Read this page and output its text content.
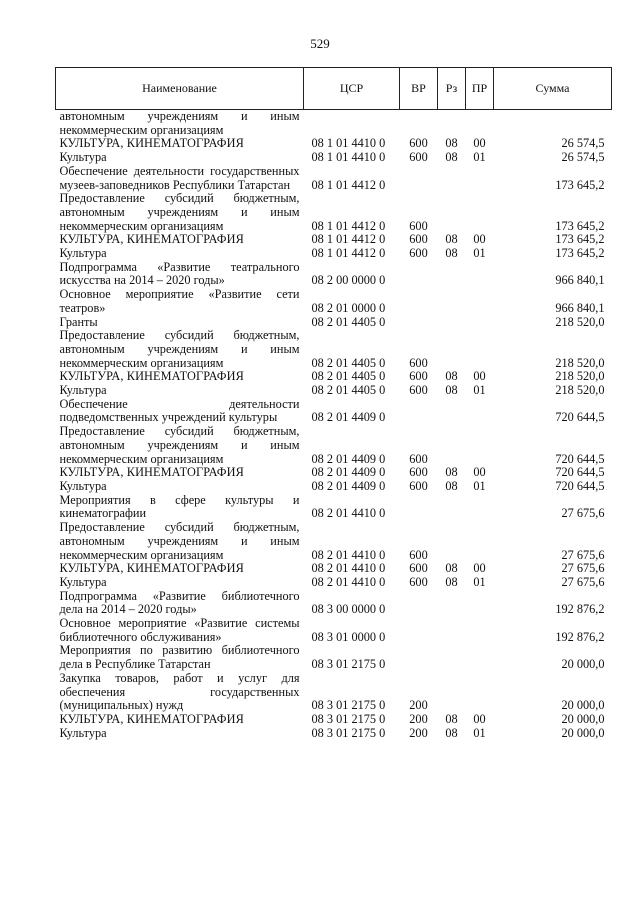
529
Наименование	ЦСР	ВР	Рз	ПР	Сумма
автономным учреждениям и иным некоммерческим организациям					
КУЛЬТУРА, КИНЕМАТОГРАФИЯ	08 1 01 4410 0	600	08	00	26 574,5
Культура	08 1 01 4410 0	600	08	01	26 574,5
Обеспечение деятельности государственных музеев-заповедников Республики Татарстан	08 1 01 4412 0				173 645,2
Предоставление субсидий бюджетным, автономным учреждениям и иным некоммерческим организациям	08 1 01 4412 0	600			173 645,2
КУЛЬТУРА, КИНЕМАТОГРАФИЯ	08 1 01 4412 0	600	08	00	173 645,2
Культура	08 1 01 4412 0	600	08	01	173 645,2
Подпрограмма «Развитие театрального искусства на 2014 – 2020 годы»	08 2 00 0000 0				966 840,1
Основное мероприятие «Развитие сети театров»	08 2 01 0000 0				966 840,1
Гранты	08 2 01 4405 0				218 520,0
Предоставление субсидий бюджетным, автономным учреждениям и иным некоммерческим организациям	08 2 01 4405 0	600			218 520,0
КУЛЬТУРА, КИНЕМАТОГРАФИЯ	08 2 01 4405 0	600	08	00	218 520,0
Культура	08 2 01 4405 0	600	08	01	218 520,0
Обеспечение деятельности подведомственных учреждений культуры	08 2 01 4409 0				720 644,5
Предоставление субсидий бюджетным, автономным учреждениям и иным некоммерческим организациям	08 2 01 4409 0	600			720 644,5
КУЛЬТУРА, КИНЕМАТОГРАФИЯ	08 2 01 4409 0	600	08	00	720 644,5
Культура	08 2 01 4409 0	600	08	01	720 644,5
Мероприятия в сфере культуры и кинематографии	08 2 01 4410 0				27 675,6
Предоставление субсидий бюджетным, автономным учреждениям и иным некоммерческим организациям	08 2 01 4410 0	600			27 675,6
КУЛЬТУРА, КИНЕМАТОГРАФИЯ	08 2 01 4410 0	600	08	00	27 675,6
Культура	08 2 01 4410 0	600	08	01	27 675,6
Подпрограмма «Развитие библиотечного дела на 2014 – 2020 годы»	08 3 00 0000 0				192 876,2
Основное мероприятие «Развитие системы библиотечного обслуживания»	08 3 01 0000 0				192 876,2
Мероприятия по развитию библиотечного дела в Республике Татарстан	08 3 01 2175 0				20 000,0
Закупка товаров, работ и услуг для обеспечения государственных (муниципальных) нужд	08 3 01 2175 0	200			20 000,0
КУЛЬТУРА, КИНЕМАТОГРАФИЯ	08 3 01 2175 0	200	08	00	20 000,0
Культура	08 3 01 2175 0	200	08	01	20 000,0
